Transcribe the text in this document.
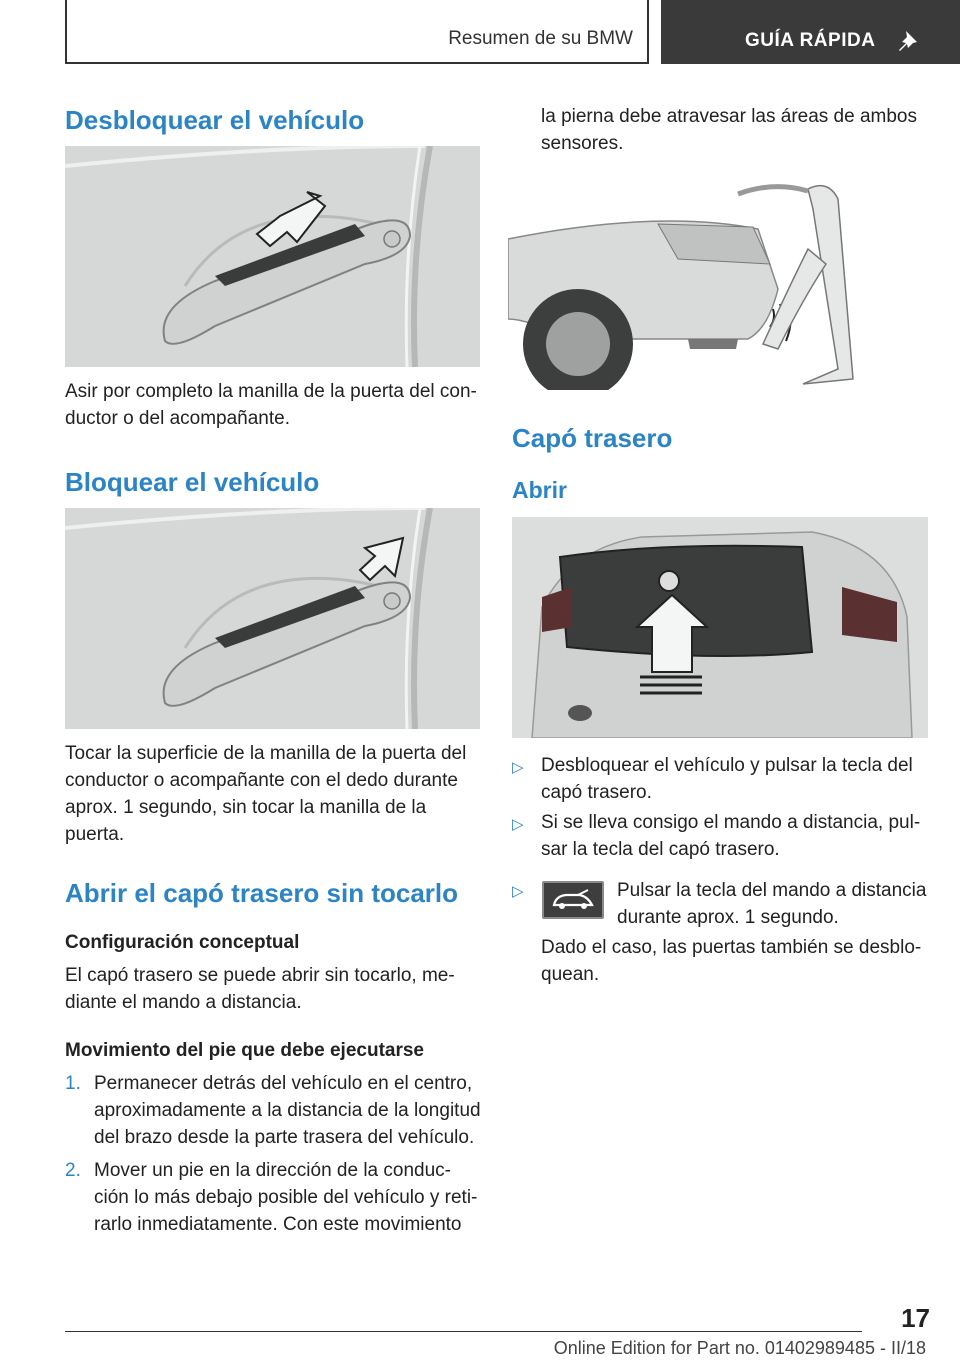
Resumen de su BMW	GUÍA RÁPIDA
Desbloquear el vehículo
Asir por completo la manilla de la puerta del con-
ductor o del acompañante.
Bloquear el vehículo
Tocar la superficie de la manilla de la puerta del
conductor o acompañante con el dedo durante
aprox. 1 segundo, sin tocar la manilla de la
puerta.
Abrir el capó trasero sin tocarlo
Configuración conceptual
El capó trasero se puede abrir sin tocarlo, me-
diante el mando a distancia.
Movimiento del pie que debe ejecutarse
1. Permanecer detrás del vehículo en el centro,
aproximadamente a la distancia de la longitud
del brazo desde la parte trasera del vehículo.
2. Mover un pie en la dirección de la conduc-
ción lo más debajo posible del vehículo y reti-
rarlo inmediatamente. Con este movimiento
la pierna debe atravesar las áreas de ambos
sensores.
Capó trasero
Abrir
▷ Desbloquear el vehículo y pulsar la tecla del
capó trasero.
▷ Si se lleva consigo el mando a distancia, pul-
sar la tecla del capó trasero.
▷	Pulsar la tecla del mando a distancia
durante aprox. 1 segundo.
Dado el caso, las puertas también se desblo-
quean.
17
Online Edition for Part no. 01402989485 - II/18
